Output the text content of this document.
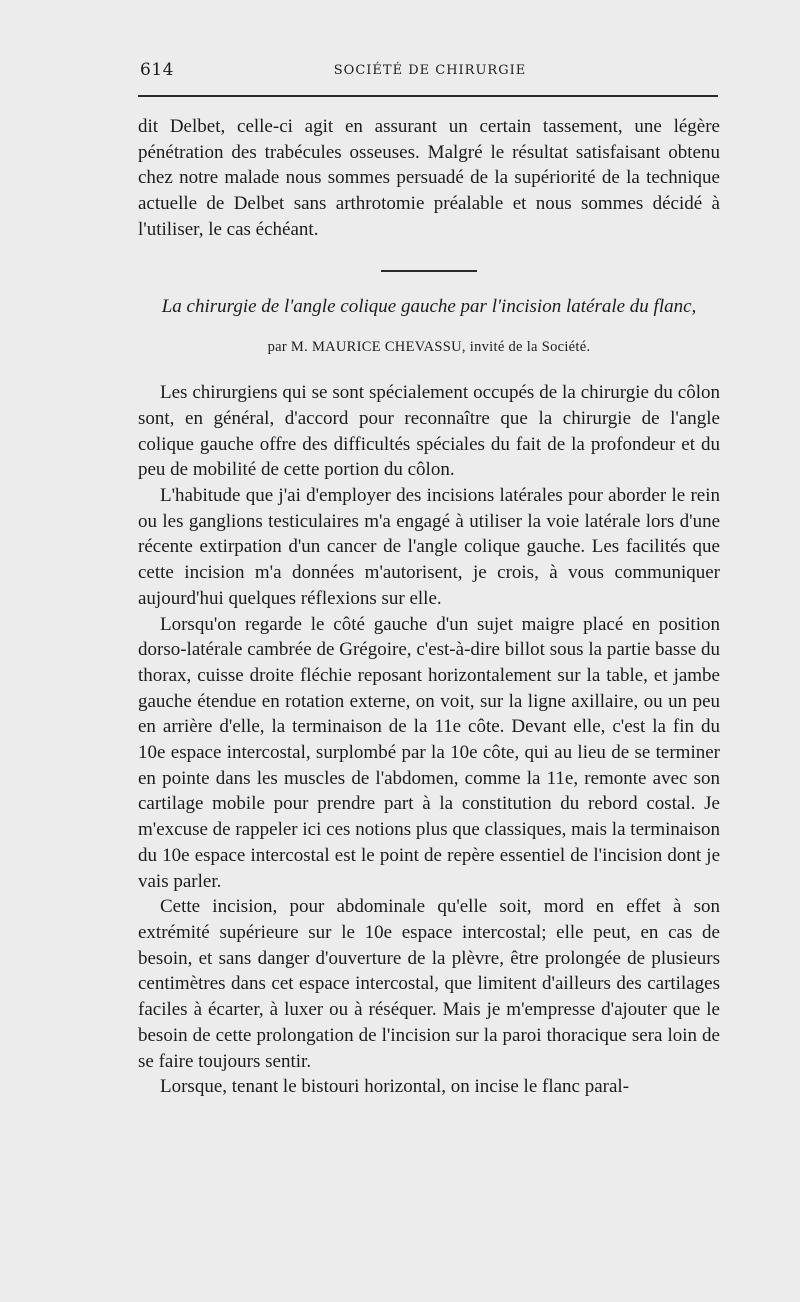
614	SOCIÉTÉ DE CHIRURGIE

dit Delbet, celle-ci agit en assurant un certain tassement, une légère pénétration des trabécules osseuses. Malgré le résultat satisfaisant obtenu chez notre malade nous sommes persuadé de la supériorité de la technique actuelle de Delbet sans arthrotomie préalable et nous sommes décidé à l'utiliser, le cas échéant.

La chirurgie de l'angle colique gauche par l'incision latérale du flanc,

par M. MAURICE CHEVASSU, invité de la Société.

Les chirurgiens qui se sont spécialement occupés de la chirurgie du côlon sont, en général, d'accord pour reconnaître que la chirurgie de l'angle colique gauche offre des difficultés spéciales du fait de la profondeur et du peu de mobilité de cette portion du côlon.

L'habitude que j'ai d'employer des incisions latérales pour aborder le rein ou les ganglions testiculaires m'a engagé à utiliser la voie latérale lors d'une récente extirpation d'un cancer de l'angle colique gauche. Les facilités que cette incision m'a données m'autorisent, je crois, à vous communiquer aujourd'hui quelques réflexions sur elle.

Lorsqu'on regarde le côté gauche d'un sujet maigre placé en position dorso-latérale cambrée de Grégoire, c'est-à-dire billot sous la partie basse du thorax, cuisse droite fléchie reposant horizontalement sur la table, et jambe gauche étendue en rotation externe, on voit, sur la ligne axillaire, ou un peu en arrière d'elle, la terminaison de la 11e côte. Devant elle, c'est la fin du 10e espace intercostal, surplombé par la 10e côte, qui au lieu de se terminer en pointe dans les muscles de l'abdomen, comme la 11e, remonte avec son cartilage mobile pour prendre part à la constitution du rebord costal. Je m'excuse de rappeler ici ces notions plus que classiques, mais la terminaison du 10e espace intercostal est le point de repère essentiel de l'incision dont je vais parler.

Cette incision, pour abdominale qu'elle soit, mord en effet à son extrémité supérieure sur le 10e espace intercostal; elle peut, en cas de besoin, et sans danger d'ouverture de la plèvre, être prolongée de plusieurs centimètres dans cet espace intercostal, que limitent d'ailleurs des cartilages faciles à écarter, à luxer ou à réséquer. Mais je m'empresse d'ajouter que le besoin de cette prolongation de l'incision sur la paroi thoracique sera loin de se faire toujours sentir.

Lorsque, tenant le bistouri horizontal, on incise le flanc paral-
